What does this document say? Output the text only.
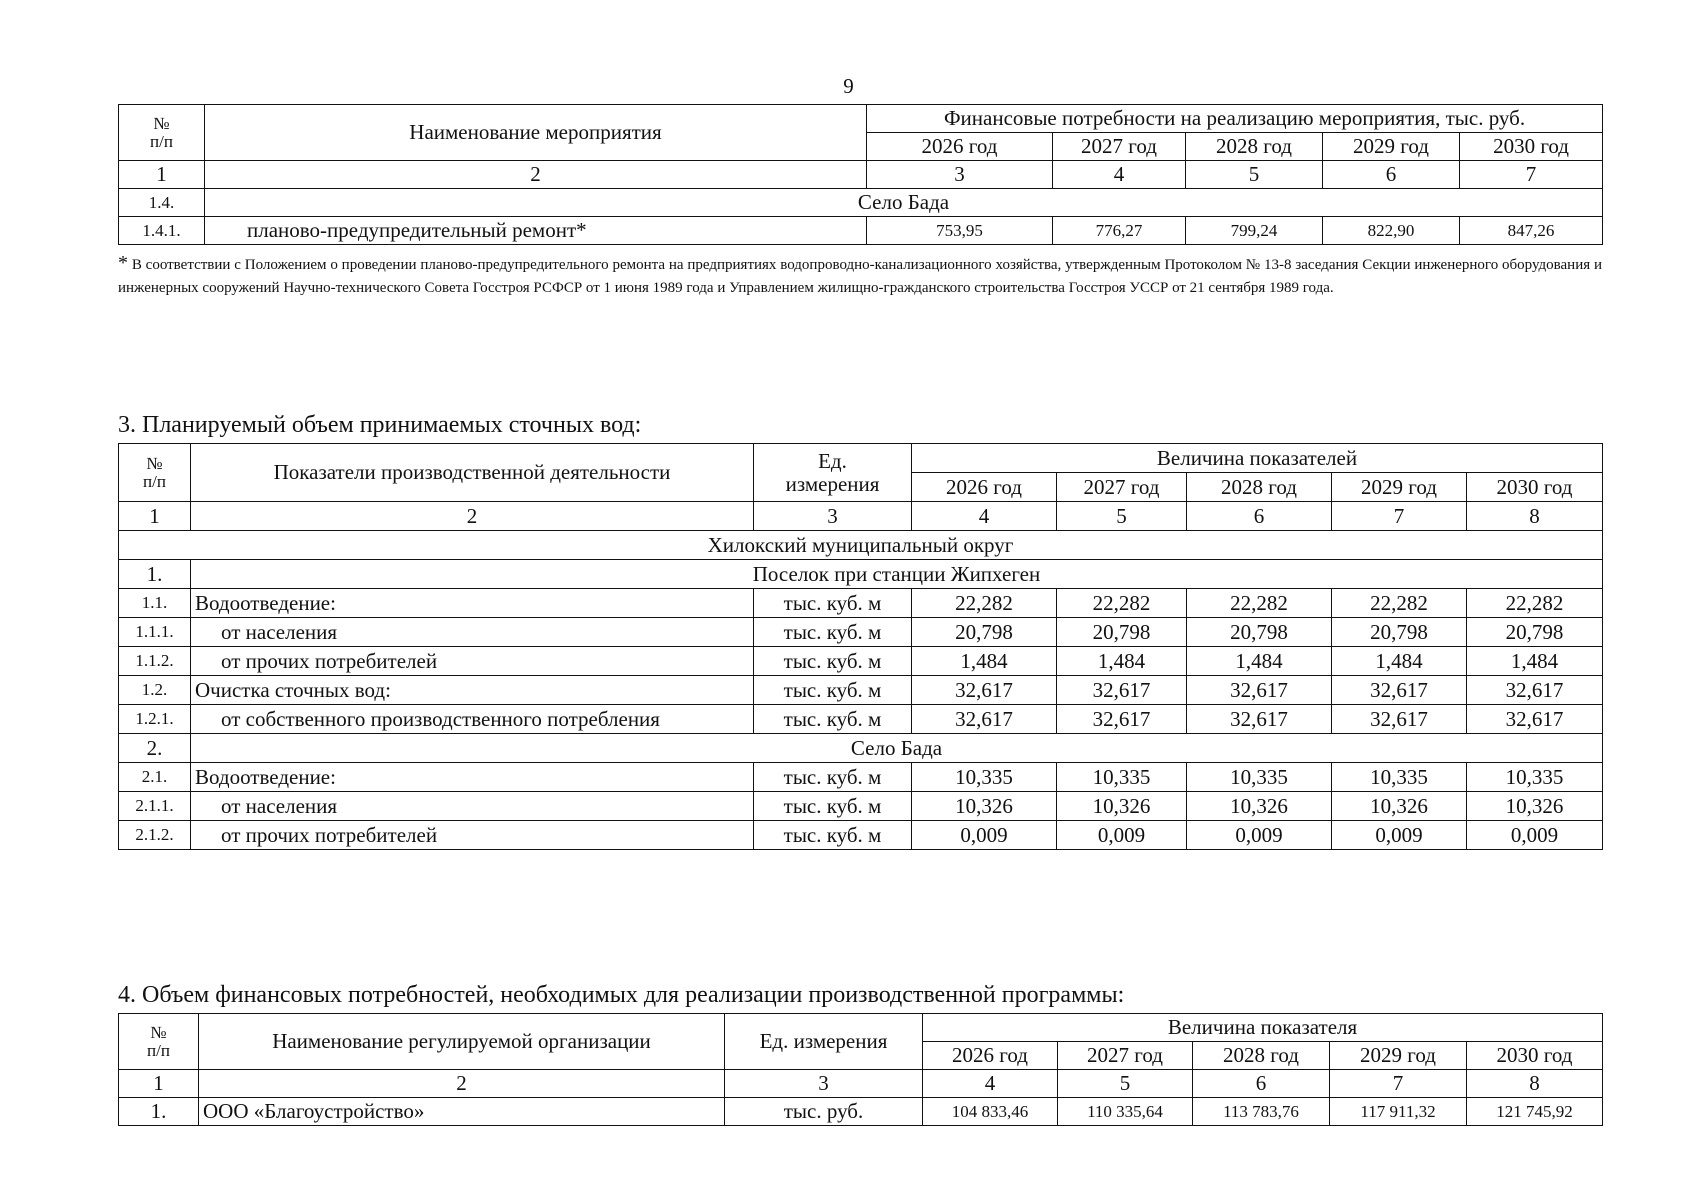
9
№
п/п	Наименование мероприятия	Финансовые потребности на реализацию мероприятия, тыс. руб.				
		2026 год	2027 год	2028 год	2029 год	2030 год
1	2	3	4	5	6	7
1.4.	Село Бада					
1.4.1.	планово-предупредительный ремонт*	753,95	776,27	799,24	822,90	847,26
* В соответствии с Положением о проведении планово-предупредительного ремонта на предприятиях водопроводно-канализационного хозяйства, утвержденным Протоколом № 13-8 заседания Секции инженерного оборудования и инженерных сооружений Научно-технического Совета Госстроя РСФСР от 1 июня 1989 года и Управлением жилищно-гражданского строительства Госстроя УССР от 21 сентября 1989 года.
3. Планируемый объем принимаемых сточных вод:
№
п/п	Показатели производственной деятельности	Ед.
измерения	Величина показателей				
			2026 год	2027 год	2028 год	2029 год	2030 год
1	2	3	4	5	6	7	8
Хилокский муниципальный округ							
1.	Поселок при станции Жипхеген						
1.1.	Водоотведение:	тыс. куб. м	22,282	22,282	22,282	22,282	22,282
1.1.1.	от населения	тыс. куб. м	20,798	20,798	20,798	20,798	20,798
1.1.2.	от прочих потребителей	тыс. куб. м	1,484	1,484	1,484	1,484	1,484
1.2.	Очистка сточных вод:	тыс. куб. м	32,617	32,617	32,617	32,617	32,617
1.2.1.	от собственного производственного потребления	тыс. куб. м	32,617	32,617	32,617	32,617	32,617
2.	Село Бада						
2.1.	Водоотведение:	тыс. куб. м	10,335	10,335	10,335	10,335	10,335
2.1.1.	от населения	тыс. куб. м	10,326	10,326	10,326	10,326	10,326
2.1.2.	от прочих потребителей	тыс. куб. м	0,009	0,009	0,009	0,009	0,009
4. Объем финансовых потребностей, необходимых для реализации производственной программы:
№
п/п	Наименование регулируемой организации	Ед. измерения	Величина показателя				
			2026 год	2027 год	2028 год	2029 год	2030 год
1	2	3	4	5	6	7	8
1.	ООО «Благоустройство»	тыс. руб.	104 833,46	110 335,64	113 783,76	117 911,32	121 745,92
